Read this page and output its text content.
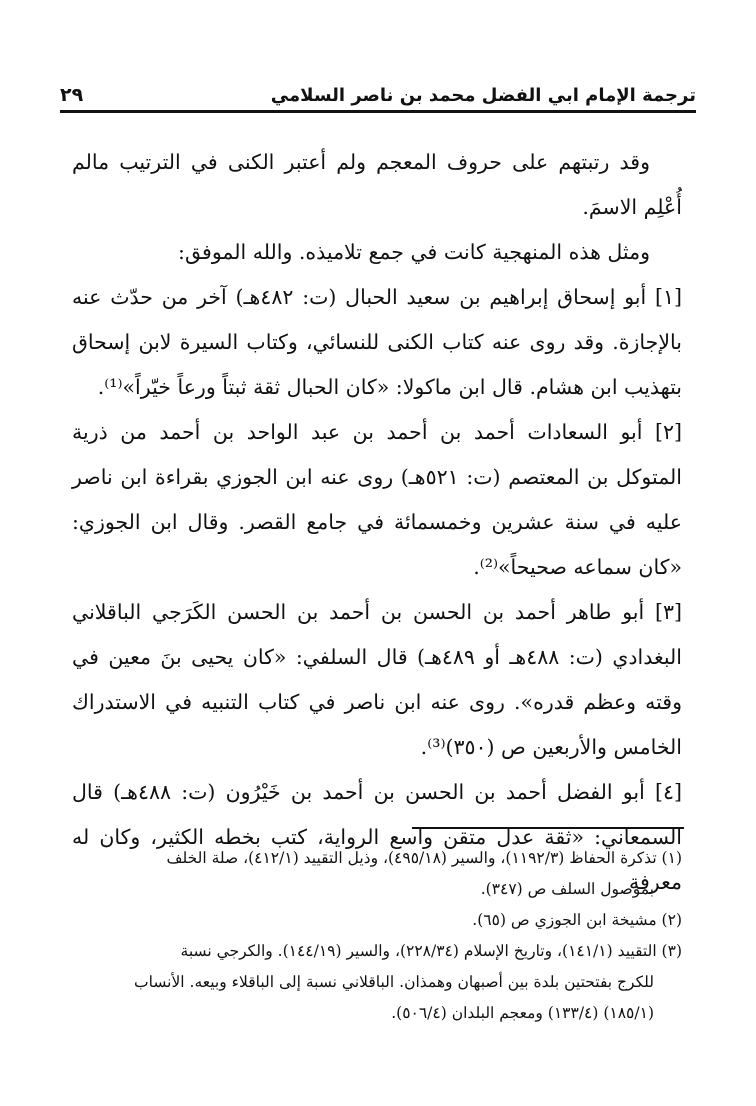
ترجمة الإمام ابي الفضل محمد بن ناصر السلامي
٢٩

وقد رتبتهم على حروف المعجم ولم أعتبر الكنى في الترتيب مالم أُعْلِم الاسمَ.

ومثل هذه المنهجية كانت في جمع تلاميذه. والله الموفق:

[١] أبو إسحاق إبراهيم بن سعيد الحبال (ت: ٤٨٢هـ) آخر من حدّث عنه بالإجازة. وقد روى عنه كتاب الكنى للنسائي، وكتاب السيرة لابن إسحاق بتهذيب ابن هشام. قال ابن ماكولا: «كان الحبال ثقة ثبتاً ورعاً خيّراً»⁽¹⁾.

[٢] أبو السعادات أحمد بن أحمد بن عبد الواحد بن أحمد من ذرية المتوكل بن المعتصم (ت: ٥٢١هـ) روى عنه ابن الجوزي بقراءة ابن ناصر عليه في سنة عشرين وخمسمائة في جامع القصر. وقال ابن الجوزي: «كان سماعه صحيحاً»⁽²⁾.

[٣] أبو طاهر أحمد بن الحسن بن أحمد بن الحسن الكَرَجي الباقلاني البغدادي (ت: ٤٨٨هـ أو ٤٨٩هـ) قال السلفي: «كان يحيى بنَ معين في وقته وعظم قدره». روى عنه ابن ناصر في كتاب التنبيه في الاستدراك الخامس والأربعين ص (٣٥٠)⁽³⁾.

[٤] أبو الفضل أحمد بن الحسن بن أحمد بن خَيْرُون (ت: ٤٨٨هـ) قال السمعاني: «ثقة عدل متقن واسع الرواية، كتب بخطه الكثير، وكان له معرفة

(١) تذكرة الحفاظ (١١٩٢/٣)، والسير (٤٩٥/١٨)، وذيل التقييد (٤١٢/١)، صلة الخلف

بموصول السلف ص (٣٤٧).

(٢) مشيخة ابن الجوزي ص (٦٥).

(٣) التقييد (١٤١/١)، وتاريخ الإسلام (٢٢٨/٣٤)، والسير (١٤٤/١٩). والكرجي نسبة

للكرج بفتحتين بلدة بين أصبهان وهمذان. الباقلاني نسبة إلى الباقلاء وبيعه. الأنساب

(١٨٥/١) (١٣٣/٤) ومعجم البلدان (٥٠٦/٤).
